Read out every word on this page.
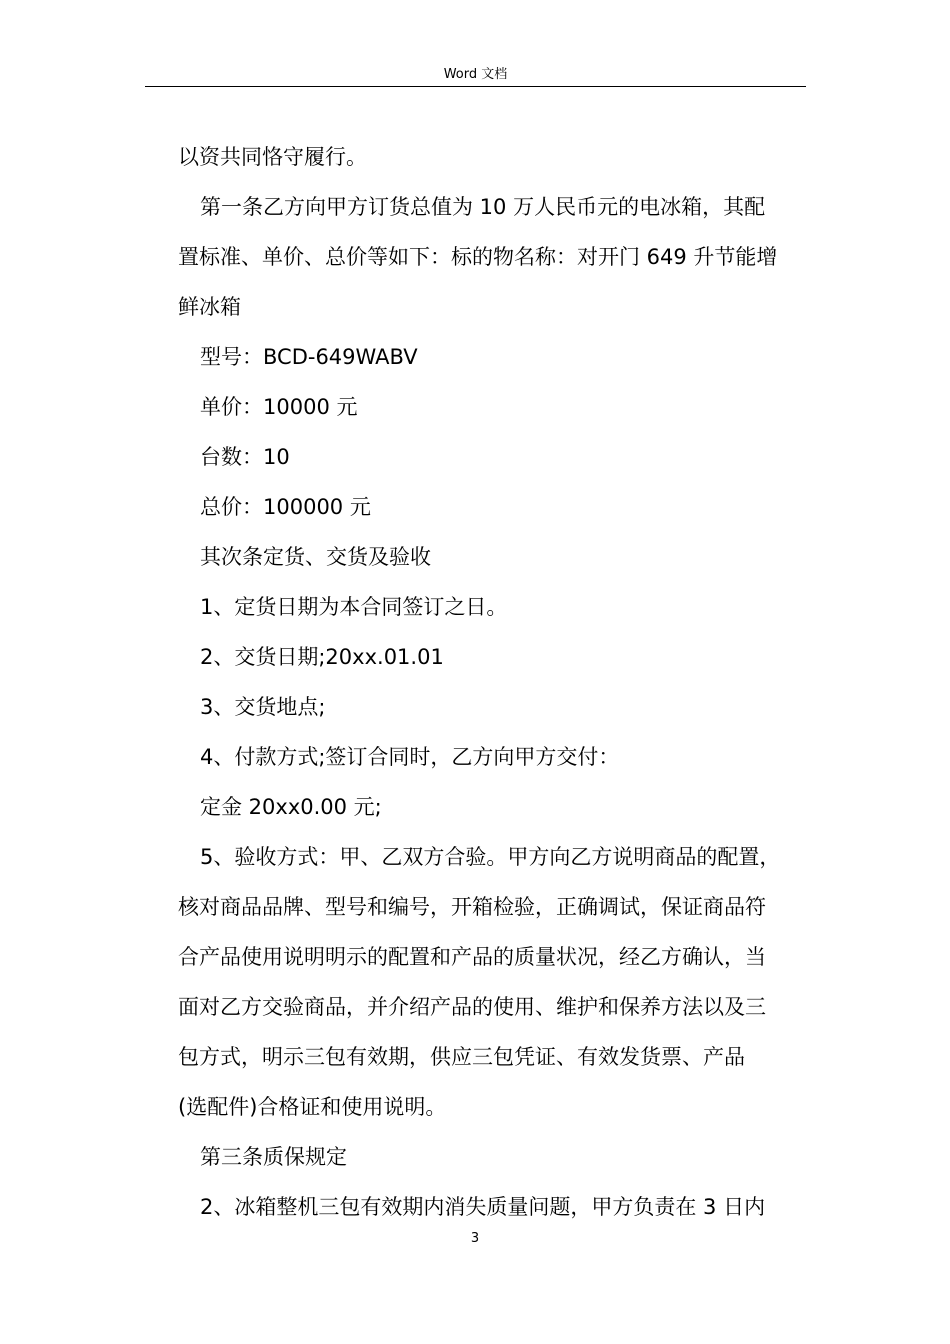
Word 文档

以资共同恪守履行。

第一条乙方向甲方订货总值为 10 万人民币元的电冰箱，其配

置标准、单价、总价等如下：标的物名称：对开门 649 升节能增

鲜冰箱

型号：BCD-649WABV

单价：10000 元

台数：10

总价：100000 元

其次条定货、交货及验收

1、定货日期为本合同签订之日。

2、交货日期;20xx.01.01

3、交货地点;

4、付款方式;签订合同时，乙方向甲方交付：

定金 20xx0.00 元;

5、验收方式：甲、乙双方合验。甲方向乙方说明商品的配置，

核对商品品牌、型号和编号，开箱检验，正确调试，保证商品符

合产品使用说明明示的配置和产品的质量状况，经乙方确认，当

面对乙方交验商品，并介绍产品的使用、维护和保养方法以及三

包方式，明示三包有效期，供应三包凭证、有效发货票、产品

(选配件)合格证和使用说明。

第三条质保规定

2、冰箱整机三包有效期内消失质量问题，甲方负责在 3 日内

3
